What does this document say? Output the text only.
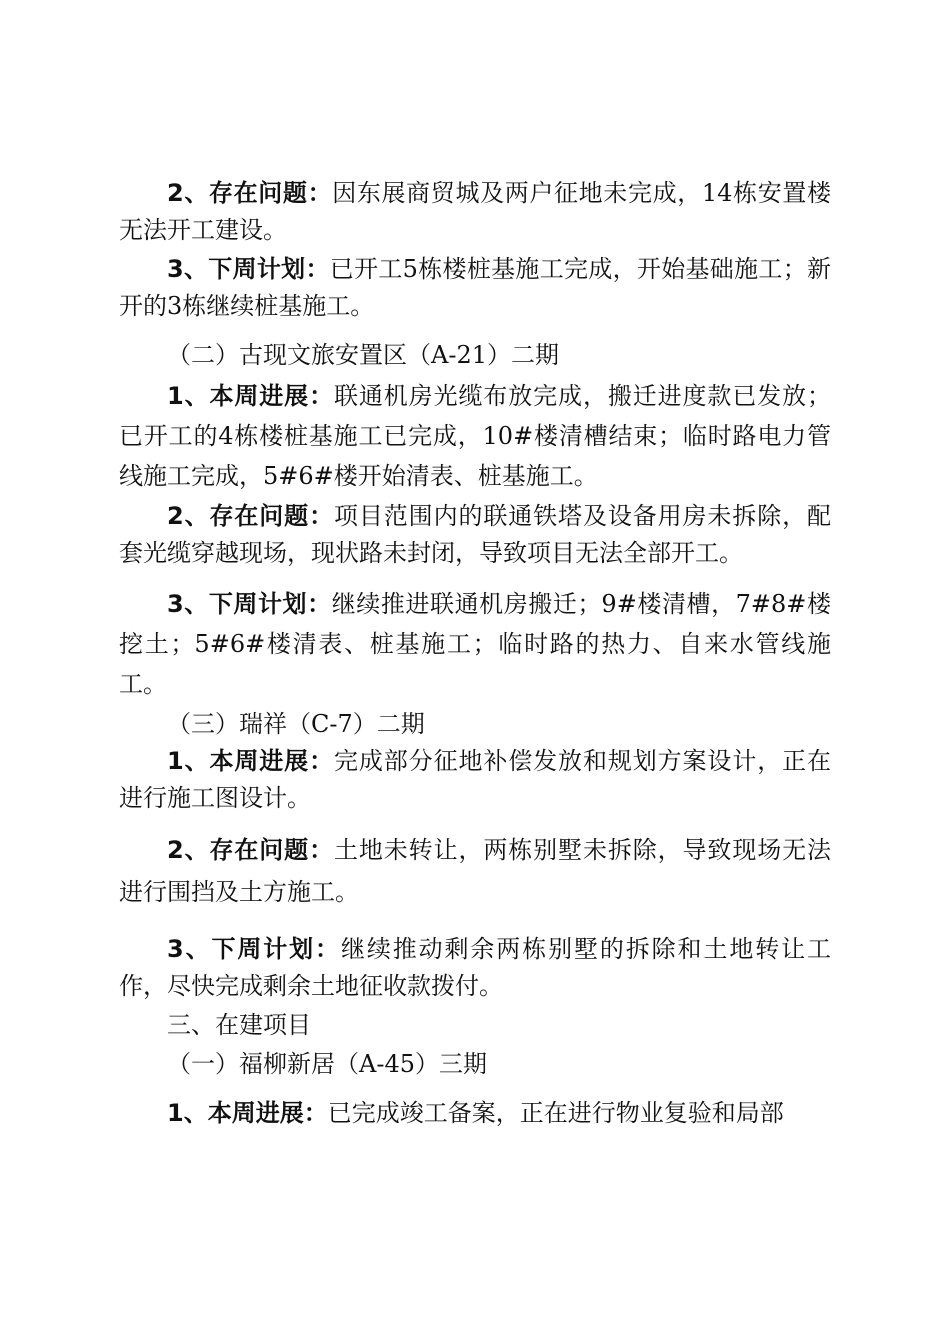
2、存在问题：因东展商贸城及两户征地未完成，14栋安置楼无法开工建设。

3、下周计划：已开工5栋楼桩基施工完成，开始基础施工；新开的3栋继续桩基施工。

（二）古现文旅安置区（A-21）二期

1、本周进展：联通机房光缆布放完成，搬迁进度款已发放；已开工的4栋楼桩基施工已完成，10#楼清槽结束；临时路电力管线施工完成，5#6#楼开始清表、桩基施工。

2、存在问题：项目范围内的联通铁塔及设备用房未拆除，配套光缆穿越现场，现状路未封闭，导致项目无法全部开工。

3、下周计划：继续推进联通机房搬迁；9#楼清槽，7#8#楼挖土；5#6#楼清表、桩基施工；临时路的热力、自来水管线施工。

（三）瑞祥（C-7）二期

1、本周进展：完成部分征地补偿发放和规划方案设计，正在进行施工图设计。

2、存在问题：土地未转让，两栋别墅未拆除，导致现场无法进行围挡及土方施工。

3、下周计划：继续推动剩余两栋别墅的拆除和土地转让工作，尽快完成剩余土地征收款拨付。

三、在建项目

（一）福柳新居（A-45）三期

1、本周进展：已完成竣工备案，正在进行物业复验和局部
